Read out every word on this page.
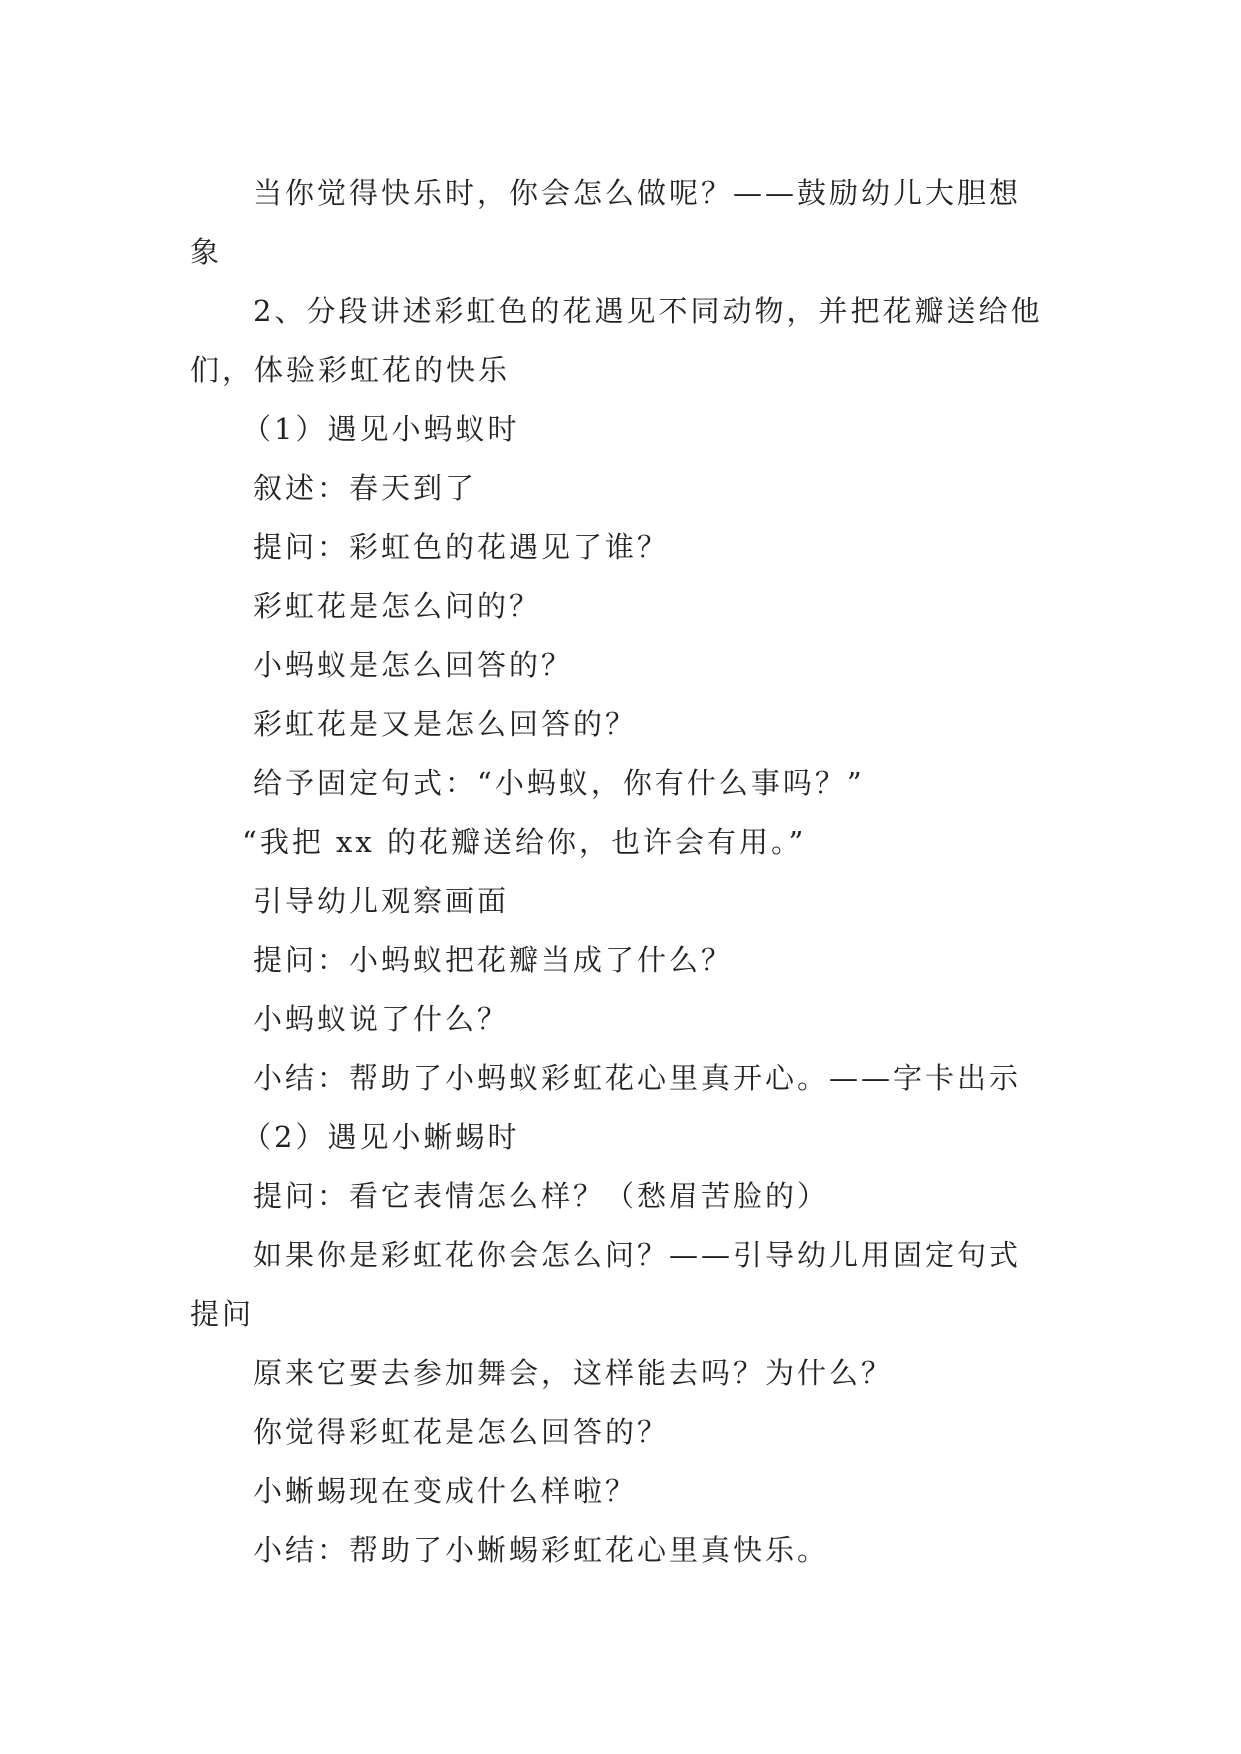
当你觉得快乐时，你会怎么做呢？——鼓励幼儿大胆想象

2、分段讲述彩虹色的花遇见不同动物，并把花瓣送给他们，体验彩虹花的快乐

（1）遇见小蚂蚁时

叙述：春天到了

提问：彩虹色的花遇见了谁？

彩虹花是怎么问的？

小蚂蚁是怎么回答的？

彩虹花是又是怎么回答的？

给予固定句式：“小蚂蚁，你有什么事吗？”

“我把 xx 的花瓣送给你，也许会有用。”

引导幼儿观察画面

提问：小蚂蚁把花瓣当成了什么？

小蚂蚁说了什么？

小结：帮助了小蚂蚁彩虹花心里真开心。——字卡出示

（2）遇见小蜥蜴时

提问：看它表情怎么样？（愁眉苦脸的）

如果你是彩虹花你会怎么问？——引导幼儿用固定句式提问

原来它要去参加舞会，这样能去吗？为什么？

你觉得彩虹花是怎么回答的？

小蜥蜴现在变成什么样啦？

小结：帮助了小蜥蜴彩虹花心里真快乐。
